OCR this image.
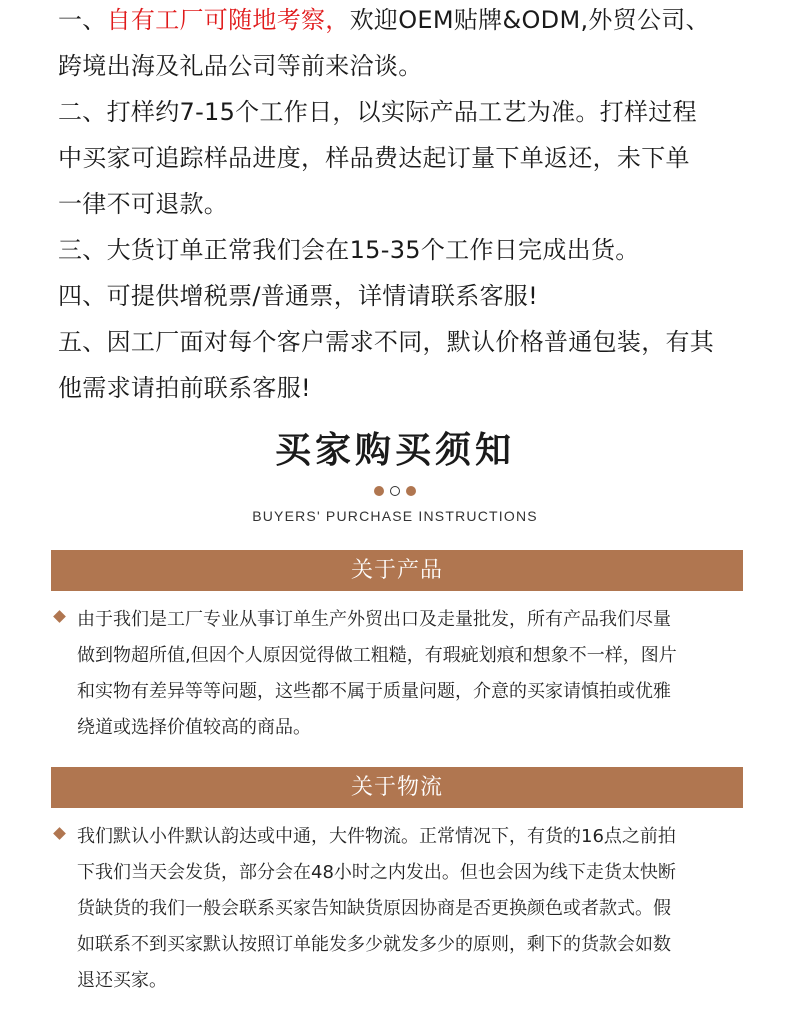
一、自有工厂可随地考察，欢迎OEM贴牌&ODM,外贸公司、
跨境出海及礼品公司等前来洽谈。
二、打样约7-15个工作日，以实际产品工艺为准。打样过程
中买家可追踪样品进度，样品费达起订量下单返还，未下单
一律不可退款。
三、大货订单正常我们会在15-35个工作日完成出货。
四、可提供增税票/普通票，详情请联系客服!
五、因工厂面对每个客户需求不同，默认价格普通包装，有其
他需求请拍前联系客服!
买家购买须知
BUYERS' PURCHASE INSTRUCTIONS
关于产品
由于我们是工厂专业从事订单生产外贸出口及走量批发，所有产品我们尽量
做到物超所值,但因个人原因觉得做工粗糙，有瑕疵划痕和想象不一样，图片
和实物有差异等等问题，这些都不属于质量问题，介意的买家请慎拍或优雅
绕道或选择价值较高的商品。
关于物流
我们默认小件默认韵达或中通，大件物流。正常情况下，有货的16点之前拍
下我们当天会发货，部分会在48小时之内发出。但也会因为线下走货太快断
货缺货的我们一般会联系买家告知缺货原因协商是否更换颜色或者款式。假
如联系不到买家默认按照订单能发多少就发多少的原则，剩下的货款会如数
退还买家。
